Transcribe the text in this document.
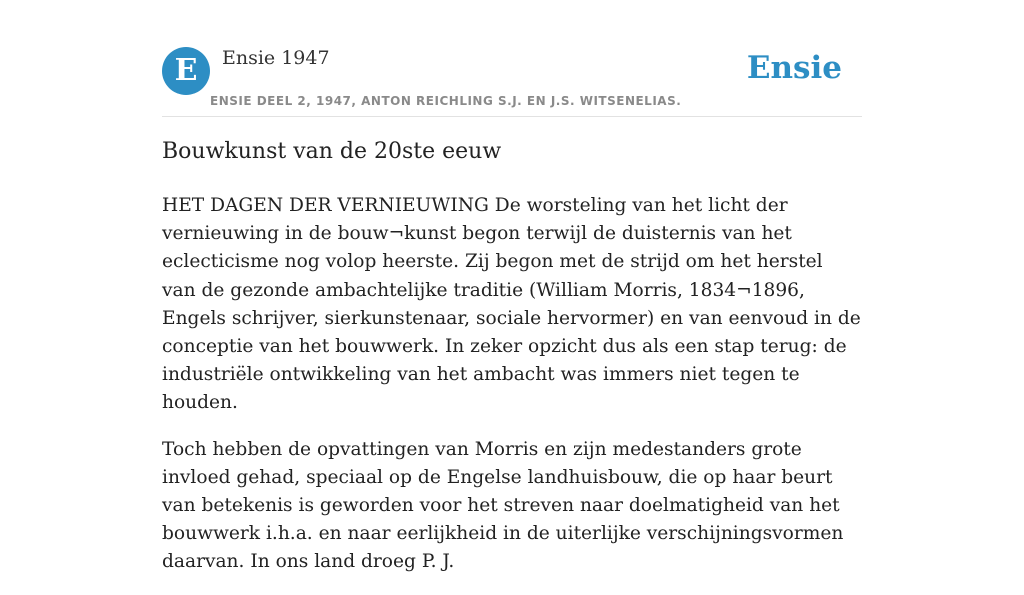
E	Ensie 1947
ENSIE DEEL 2, 1947, ANTON REICHLING S.J. EN J.S. WITSENELIAS.
Ensie
Bouwkunst van de 20ste eeuw

HET DAGEN DER VERNIEUWING De worsteling van het licht der vernieuwing in de bouw¬kunst begon terwijl de duisternis van het eclecticisme nog volop heerste. Zij begon met de strijd om het herstel van de gezonde ambachtelijke traditie (William Morris, 1834¬1896, Engels schrijver, sierkunstenaar, sociale hervormer) en van eenvoud in de conceptie van het bouwwerk. In zeker opzicht dus als een stap terug: de industriële ontwikkeling van het ambacht was immers niet tegen te houden.

Toch hebben de opvattingen van Morris en zijn medestanders grote invloed gehad, speciaal op de Engelse landhuisbouw, die op haar beurt van betekenis is geworden voor het streven naar doelmatigheid van het bouwwerk i.h.a. en naar eerlijkheid in de uiterlijke verschijningsvormen daarvan. In ons land droeg P. J.
